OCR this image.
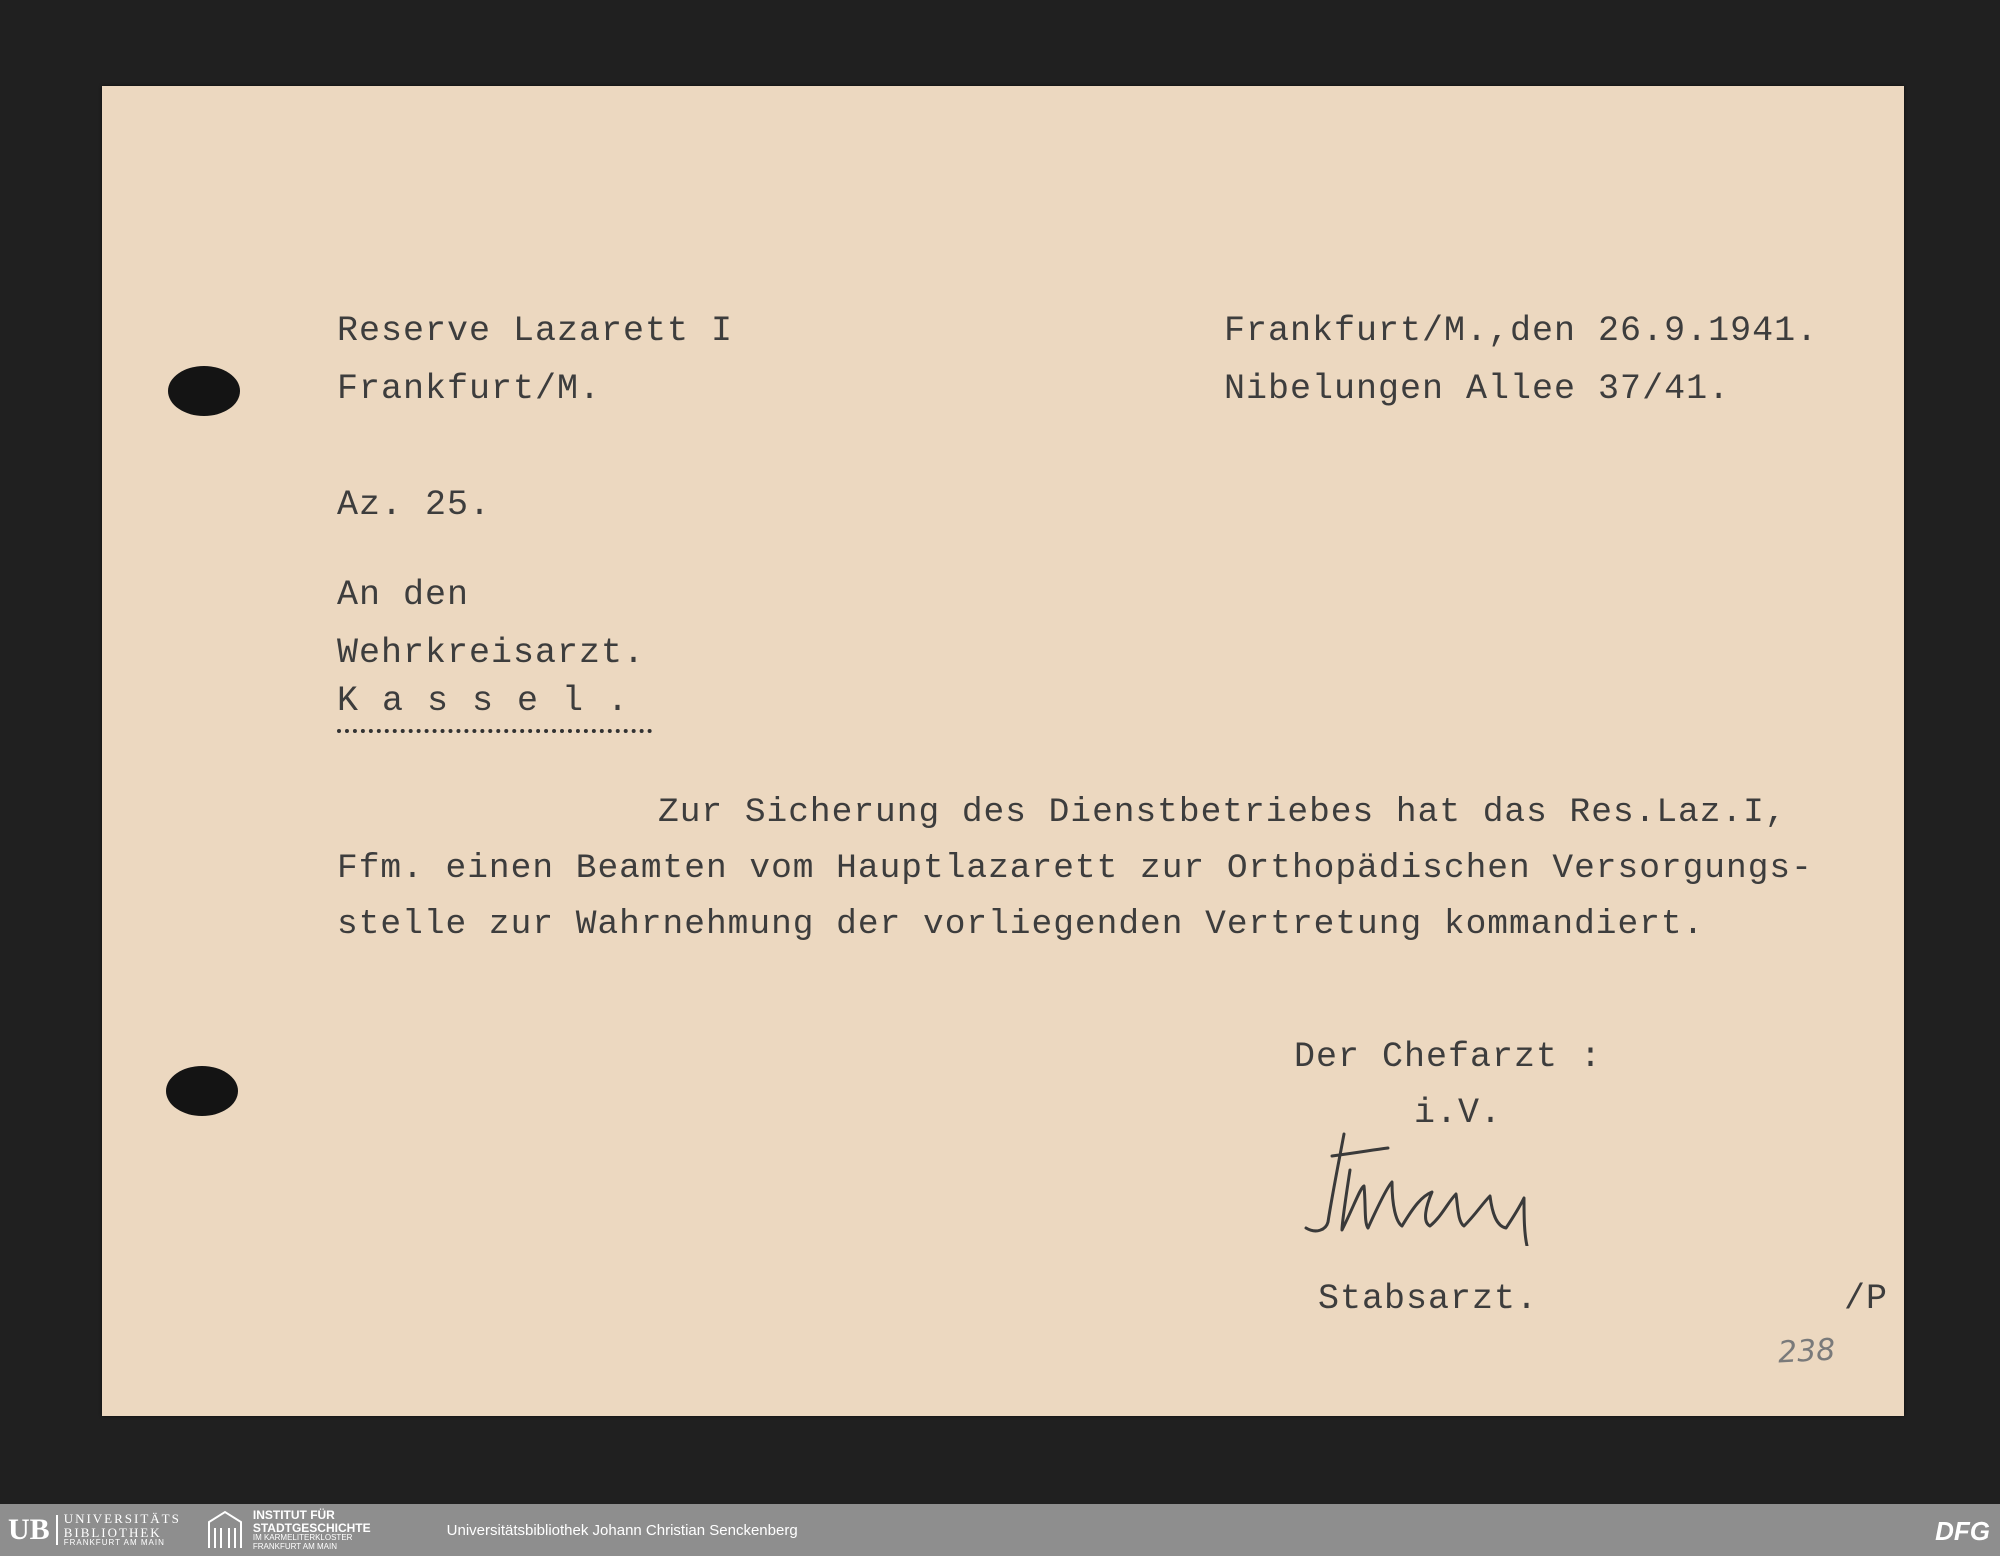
Reserve Lazarett I

Frankfurt/M.

Frankfurt/M.,den 26.9.1941.

Nibelungen Allee 37/41.

Az. 25.

An den

Wehrkreisarzt.

Kassel.

Zur Sicherung des Dienstbetriebes hat das Res.Laz.I,

Ffm. einen Beamten vom Hauptlazarett zur Orthopädischen Versorgungs-

stelle zur Wahrnehmung der vorliegenden Vertretung kommandiert.

Der Chefarzt :

i.V.

Stabsarzt.	/P

238
UB	UNIVERSITÄTS
BIBLIOTHEK
FRANKFURT AM MAIN
INSTITUT FÜR
STADTGESCHICHTE
IM KARMELITERKLOSTER
FRANKFURT AM MAIN
Universitätsbibliothek Johann Christian Senckenberg	DFG
